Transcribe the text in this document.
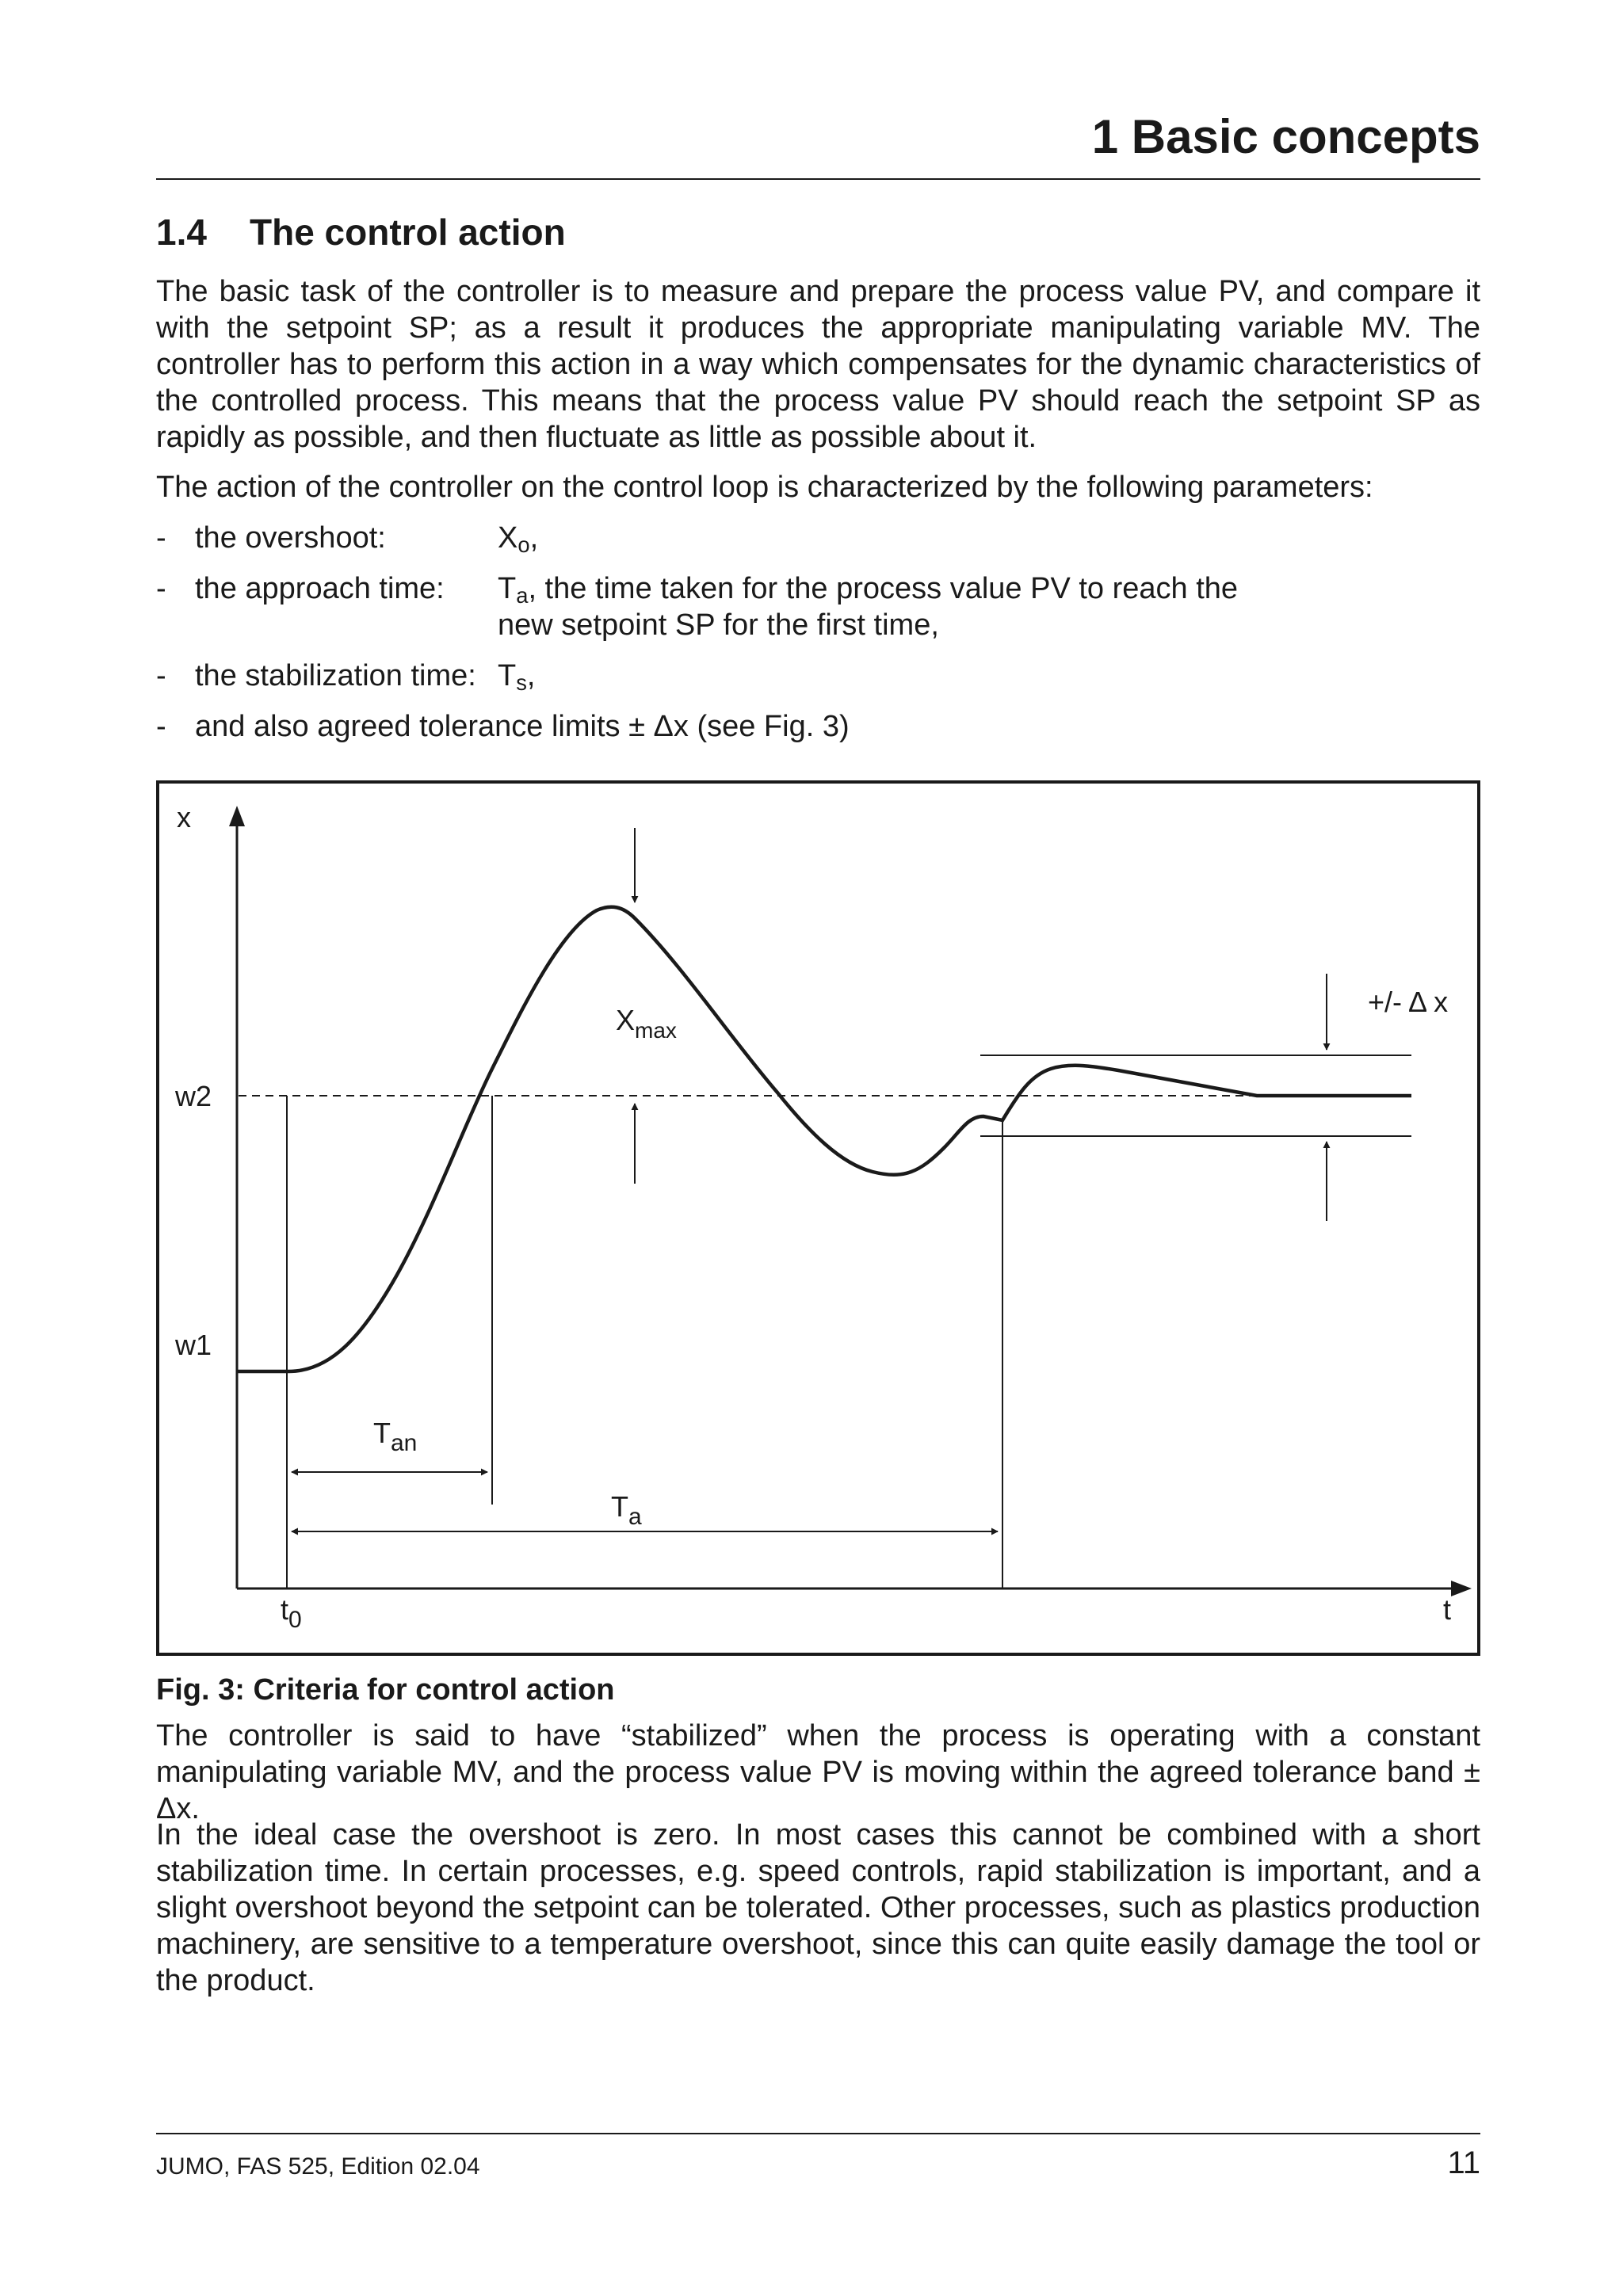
1 Basic concepts
1.4 The control action

The basic task of the controller is to measure and prepare the process value PV, and compare it with the setpoint SP; as a result it produces the appropriate manipulating variable MV. The controller has to perform this action in a way which compensates for the dynamic characteristics of the controlled process. This means that the process value PV should reach the setpoint SP as rapidly as possible, and then fluctuate as little as possible about it.

The action of the controller on the control loop is characterized by the following parameters:

- the overshoot:	$X_o$,
- the approach time: $T_a$, the time taken for the process value PV to reach the new setpoint SP for the first time,
- the stabilization time: $T_s$,
- and also agreed tolerance limits ± Δx (see Fig. 3)
x
t
w2
w1
$X_{max}$
+/- Δ x
$t_0$
$T_{an}$
$T_a$

Fig. 3: Criteria for control action

The controller is said to have “stabilized” when the process is operating with a constant manipulating variable MV, and the process value PV is moving within the agreed tolerance band ± Δx.

In the ideal case the overshoot is zero. In most cases this cannot be combined with a short stabilization time. In certain processes, e.g. speed controls, rapid stabilization is important, and a slight overshoot beyond the setpoint can be tolerated. Other processes, such as plastics production machinery, are sensitive to a temperature overshoot, since this can quite easily damage the tool or the product.

JUMO, FAS 525, Edition 02.04	11
